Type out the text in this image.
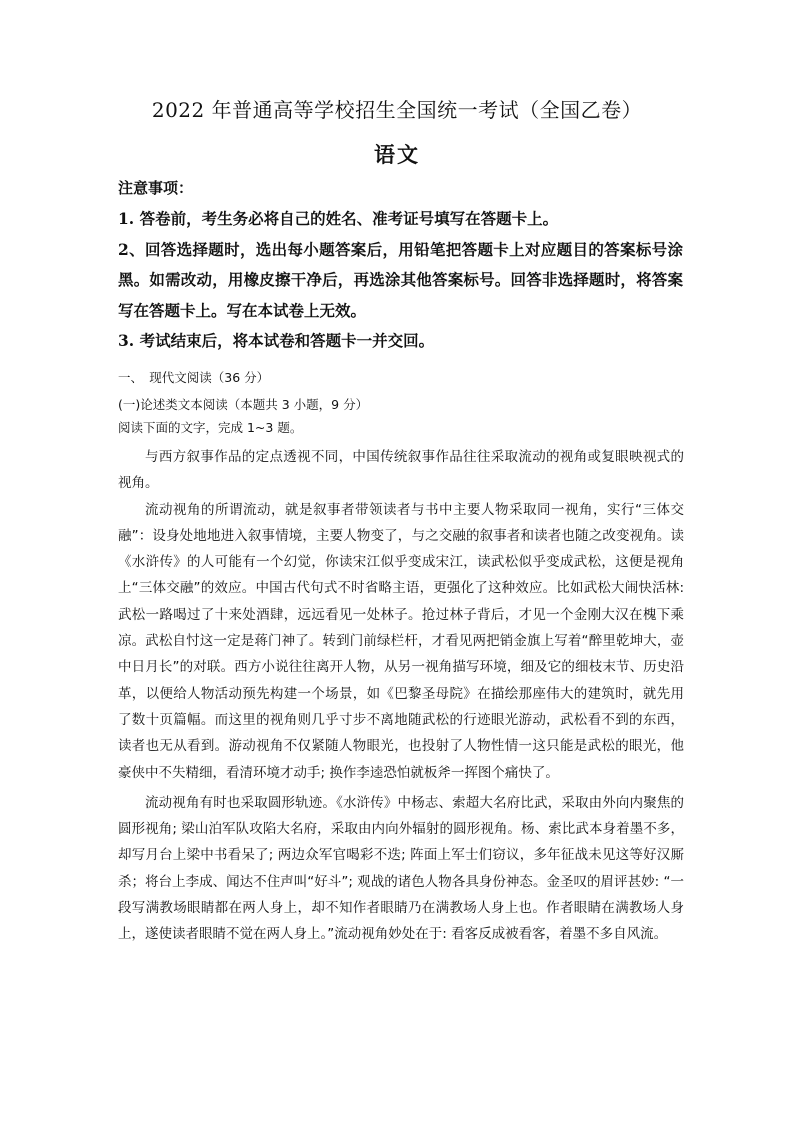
2022 年普通高等学校招生全国统一考试（全国乙卷）
语文

注意事项：

1. 答卷前，考生务必将自己的姓名、准考证号填写在答题卡上。

2、回答选择题时，选出每小题答案后，用铅笔把答题卡上对应题目的答案标号涂黑。如需改动，用橡皮擦干净后，再选涂其他答案标号。回答非选择题时，将答案写在答题卡上。写在本试卷上无效。

3. 考试结束后，将本试卷和答题卡一并交回。

一、　现代文阅读（36 分）

(一)论述类文本阅读（本题共 3 小题，9 分）

阅读下面的文字，完成 1~3 题。

与西方叙事作品的定点透视不同，中国传统叙事作品往往采取流动的视角或复眼映视式的视角。

流动视角的所谓流动，就是叙事者带领读者与书中主要人物采取同一视角，实行“三体交融”：设身处地地进入叙事情境，主要人物变了，与之交融的叙事者和读者也随之改变视角。读《水浒传》的人可能有一个幻觉，你读宋江似乎变成宋江，读武松似乎变成武松，这便是视角上“三体交融”的效应。中国古代句式不时省略主语，更强化了这种效应。比如武松大闹快活林: 武松一路喝过了十来处酒肆，远远看见一处林子。抢过林子背后，才见一个金刚大汉在槐下乘凉。武松自忖这一定是蒋门神了。转到门前绿栏杆，才看见两把销金旗上写着“醉里乾坤大，壶中日月长”的对联。西方小说往往离开人物，从另一视角描写环境，细及它的细枝末节、历史沿革，以便给人物活动预先构建一个场景，如《巴黎圣母院》在描绘那座伟大的建筑时，就先用了数十页篇幅。而这里的视角则几乎寸步不离地随武松的行迹眼光游动，武松看不到的东西，读者也无从看到。游动视角不仅紧随人物眼光，也投射了人物性情一这只能是武松的眼光，他豪侠中不失精细，看清环境才动手; 换作李逵恐怕就板斧一挥图个痛快了。

流动视角有时也采取圆形轨迹。《水浒传》中杨志、索超大名府比武，采取由外向内聚焦的圆形视角; 梁山泊军队攻陷大名府，采取由内向外辐射的圆形视角。杨、索比武本身着墨不多，却写月台上梁中书看呆了; 两边众军官喝彩不迭; 阵面上军士们窃议，多年征战未见这等好汉厮杀；将台上李成、闻达不住声叫“好斗”; 观战的诸色人物各具身份神态。金圣叹的眉评甚妙: “一段写满教场眼睛都在两人身上，却不知作者眼睛乃在满教场人身上也。作者眼睛在满教场人身上，遂使读者眼睛不觉在两人身上。”流动视角妙处在于: 看客反成被看客，着墨不多自风流。
